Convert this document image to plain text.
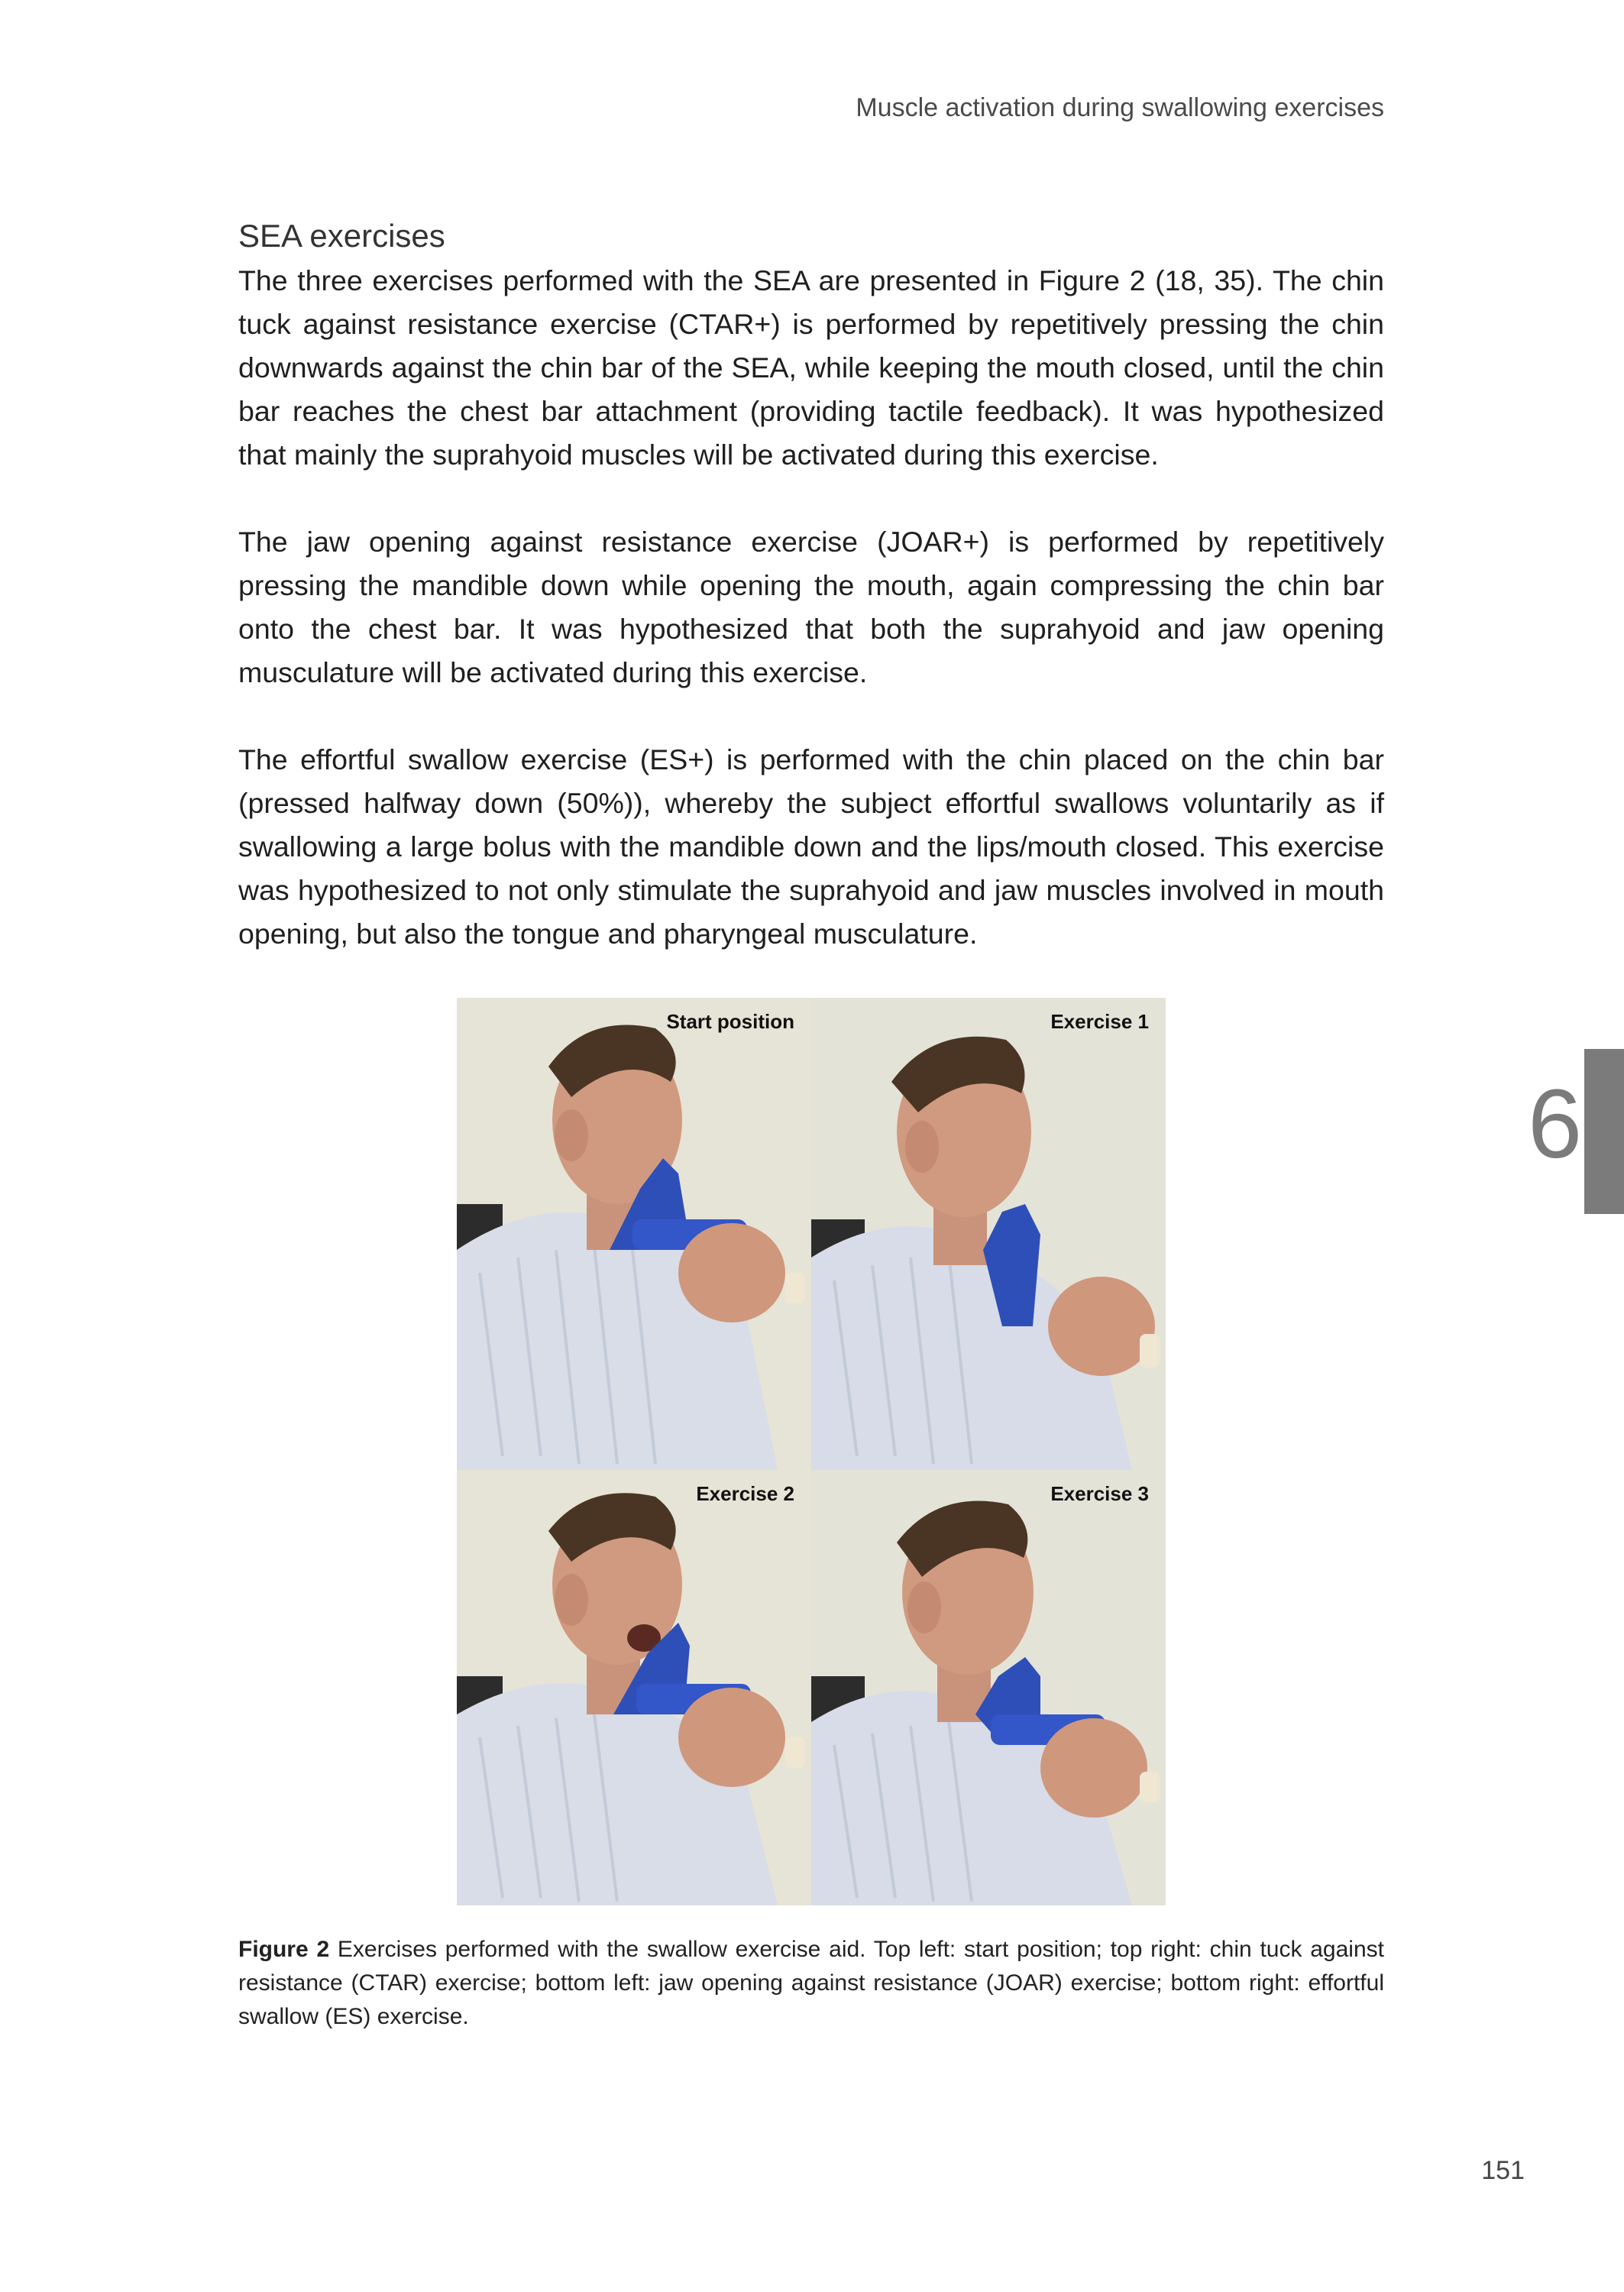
Muscle activation during swallowing exercises
SEA exercises

The three exercises performed with the SEA are presented in Figure 2 (18, 35). The chin tuck against resistance exercise (CTAR+) is performed by repetitively pressing the chin downwards against the chin bar of the SEA, while keeping the mouth closed, until the chin bar reaches the chest bar attachment (providing tactile feedback). It was hypothesized that mainly the suprahyoid muscles will be activated during this exercise.

The jaw opening against resistance exercise (JOAR+) is performed by repetitively pressing the mandible down while opening the mouth, again compressing the chin bar onto the chest bar. It was hypothesized that both the suprahyoid and jaw opening musculature will be activated during this exercise.

The effortful swallow exercise (ES+) is performed with the chin placed on the chin bar (pressed halfway down (50%)), whereby the subject effortful swallows voluntarily as if swallowing a large bolus with the mandible down and the lips/mouth closed. This exercise was hypothesized to not only stimulate the suprahyoid and jaw muscles involved in mouth opening, but also the tongue and pharyngeal musculature.

6
Start position	Exercise 1
Exercise 2	Exercise 3
Figure 2 Exercises performed with the swallow exercise aid. Top left: start position; top right: chin tuck against resistance (CTAR) exercise; bottom left: jaw opening against resistance (JOAR) exercise; bottom right: effortful swallow (ES) exercise.
151
